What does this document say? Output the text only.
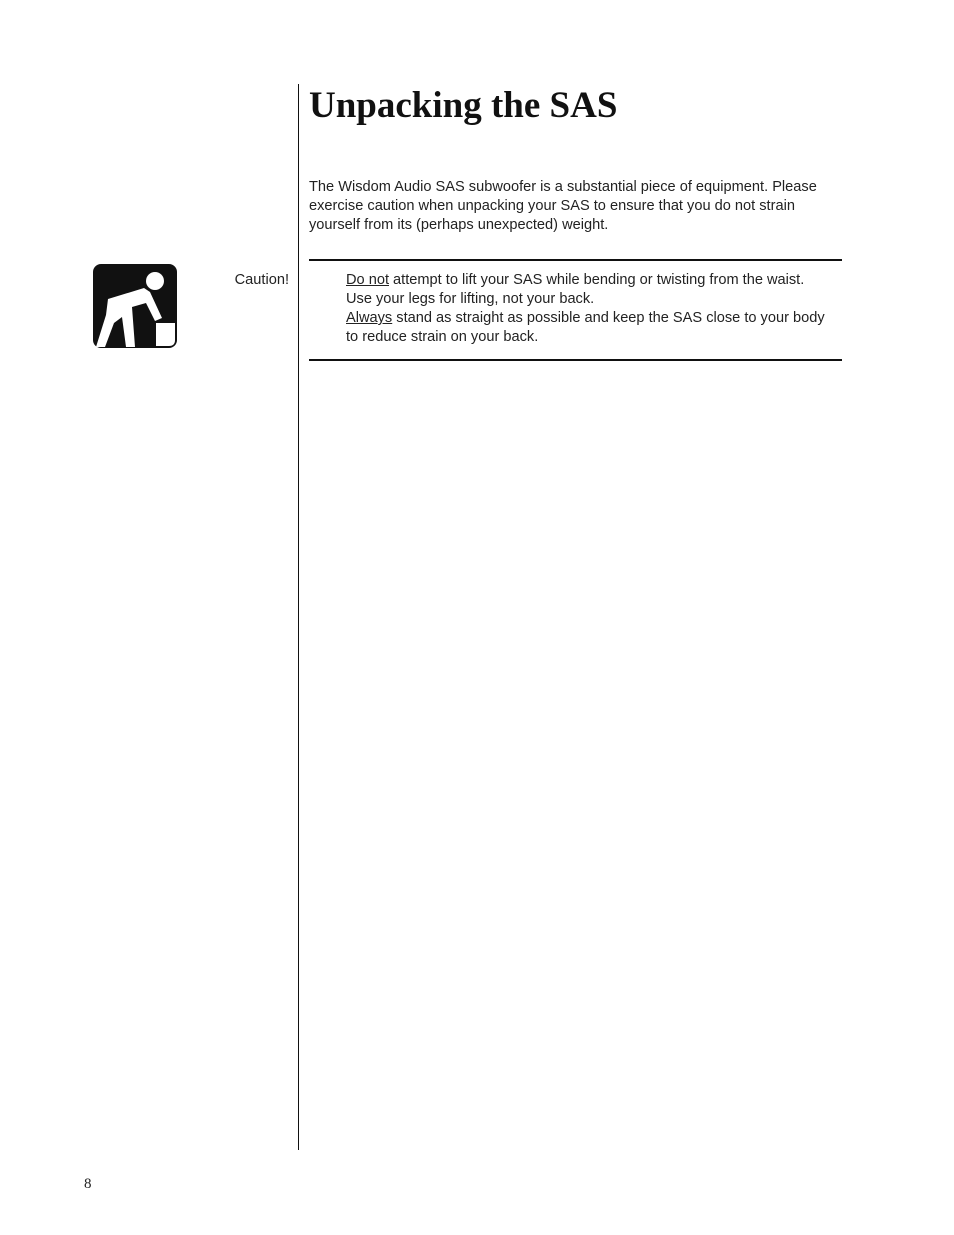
Unpacking the SAS

The Wisdom Audio SAS subwoofer is a substantial piece of equipment. Please exercise caution when unpacking your SAS to ensure that you do not strain yourself from its (perhaps unexpected) weight.

Caution!	Do not attempt to lift your SAS while bending or twisting from the waist. Use your legs for lifting, not your back.

Always stand as straight as possible and keep the SAS close to your body to reduce strain on your back.

8
